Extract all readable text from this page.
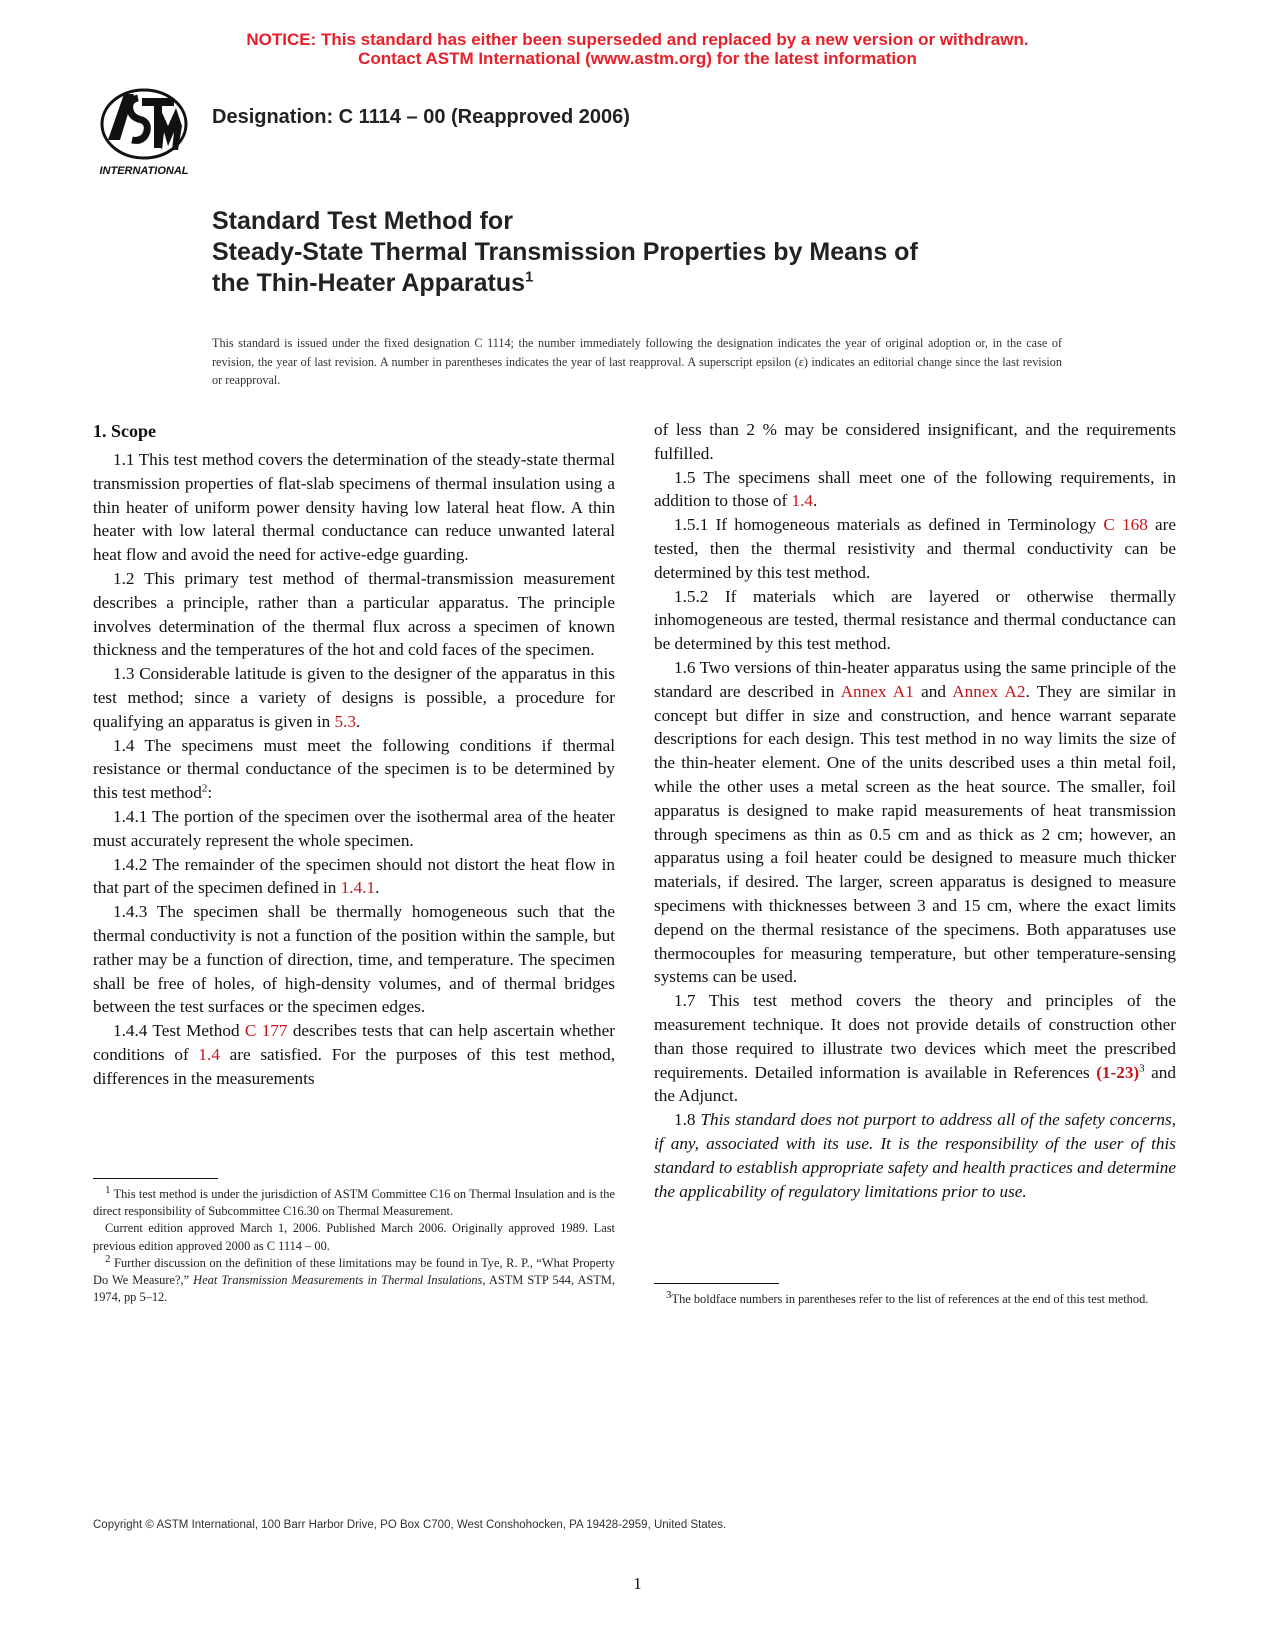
NOTICE: This standard has either been superseded and replaced by a new version or withdrawn.
Contact ASTM International (www.astm.org) for the latest information
INTERNATIONAL
Designation: C 1114 – 00 (Reapproved 2006)
Standard Test Method for
Steady-State Thermal Transmission Properties by Means of
the Thin-Heater Apparatus$^1$
This standard is issued under the fixed designation C 1114; the number immediately following the designation indicates the year of original adoption or, in the case of revision, the year of last revision. A number in parentheses indicates the year of last reapproval. A superscript epsilon (ε) indicates an editorial change since the last revision or reapproval.
1. Scope

1.1 This test method covers the determination of the steady-state thermal transmission properties of flat-slab specimens of thermal insulation using a thin heater of uniform power density having low lateral heat flow. A thin heater with low lateral thermal conductance can reduce unwanted lateral heat flow and avoid the need for active-edge guarding.

1.2 This primary test method of thermal-transmission measurement describes a principle, rather than a particular apparatus. The principle involves determination of the thermal flux across a specimen of known thickness and the temperatures of the hot and cold faces of the specimen.

1.3 Considerable latitude is given to the designer of the apparatus in this test method; since a variety of designs is possible, a procedure for qualifying an apparatus is given in 5.3.

1.4 The specimens must meet the following conditions if thermal resistance or thermal conductance of the specimen is to be determined by this test method$^2$:

1.4.1 The portion of the specimen over the isothermal area of the heater must accurately represent the whole specimen.

1.4.2 The remainder of the specimen should not distort the heat flow in that part of the specimen defined in 1.4.1.

1.4.3 The specimen shall be thermally homogeneous such that the thermal conductivity is not a function of the position within the sample, but rather may be a function of direction, time, and temperature. The specimen shall be free of holes, of high-density volumes, and of thermal bridges between the test surfaces or the specimen edges.

1.4.4 Test Method C 177 describes tests that can help ascertain whether conditions of 1.4 are satisfied. For the purposes of this test method, differences in the measurements

of less than 2 % may be considered insignificant, and the requirements fulfilled.

1.5 The specimens shall meet one of the following requirements, in addition to those of 1.4.

1.5.1 If homogeneous materials as defined in Terminology C 168 are tested, then the thermal resistivity and thermal conductivity can be determined by this test method.

1.5.2 If materials which are layered or otherwise thermally inhomogeneous are tested, thermal resistance and thermal conductance can be determined by this test method.

1.6 Two versions of thin-heater apparatus using the same principle of the standard are described in Annex A1 and Annex A2. They are similar in concept but differ in size and construction, and hence warrant separate descriptions for each design. This test method in no way limits the size of the thin-heater element. One of the units described uses a thin metal foil, while the other uses a metal screen as the heat source. The smaller, foil apparatus is designed to make rapid measurements of heat transmission through specimens as thin as 0.5 cm and as thick as 2 cm; however, an apparatus using a foil heater could be designed to measure much thicker materials, if desired. The larger, screen apparatus is designed to measure specimens with thicknesses between 3 and 15 cm, where the exact limits depend on the thermal resistance of the specimens. Both apparatuses use thermocouples for measuring temperature, but other temperature-sensing systems can be used.

1.7 This test method covers the theory and principles of the measurement technique. It does not provide details of construction other than those required to illustrate two devices which meet the prescribed requirements. Detailed information is available in References $(1-23)^3$ and the Adjunct.

1.8 This standard does not purport to address all of the safety concerns, if any, associated with its use. It is the responsibility of the user of this standard to establish appropriate safety and health practices and determine the applicability of regulatory limitations prior to use.

$^1$ This test method is under the jurisdiction of ASTM Committee C16 on Thermal Insulation and is the direct responsibility of Subcommittee C16.30 on Thermal Measurement.

Current edition approved March 1, 2006. Published March 2006. Originally approved 1989. Last previous edition approved 2000 as C 1114 – 00.

$^2$ Further discussion on the definition of these limitations may be found in Tye, R. P., “What Property Do We Measure?,” Heat Transmission Measurements in Thermal Insulations, ASTM STP 544, ASTM, 1974, pp 5–12.	$^3$The boldface numbers in parentheses refer to the list of references at the end of this test method.

Copyright © ASTM International, 100 Barr Harbor Drive, PO Box C700, West Conshohocken, PA 19428-2959, United States.
1
